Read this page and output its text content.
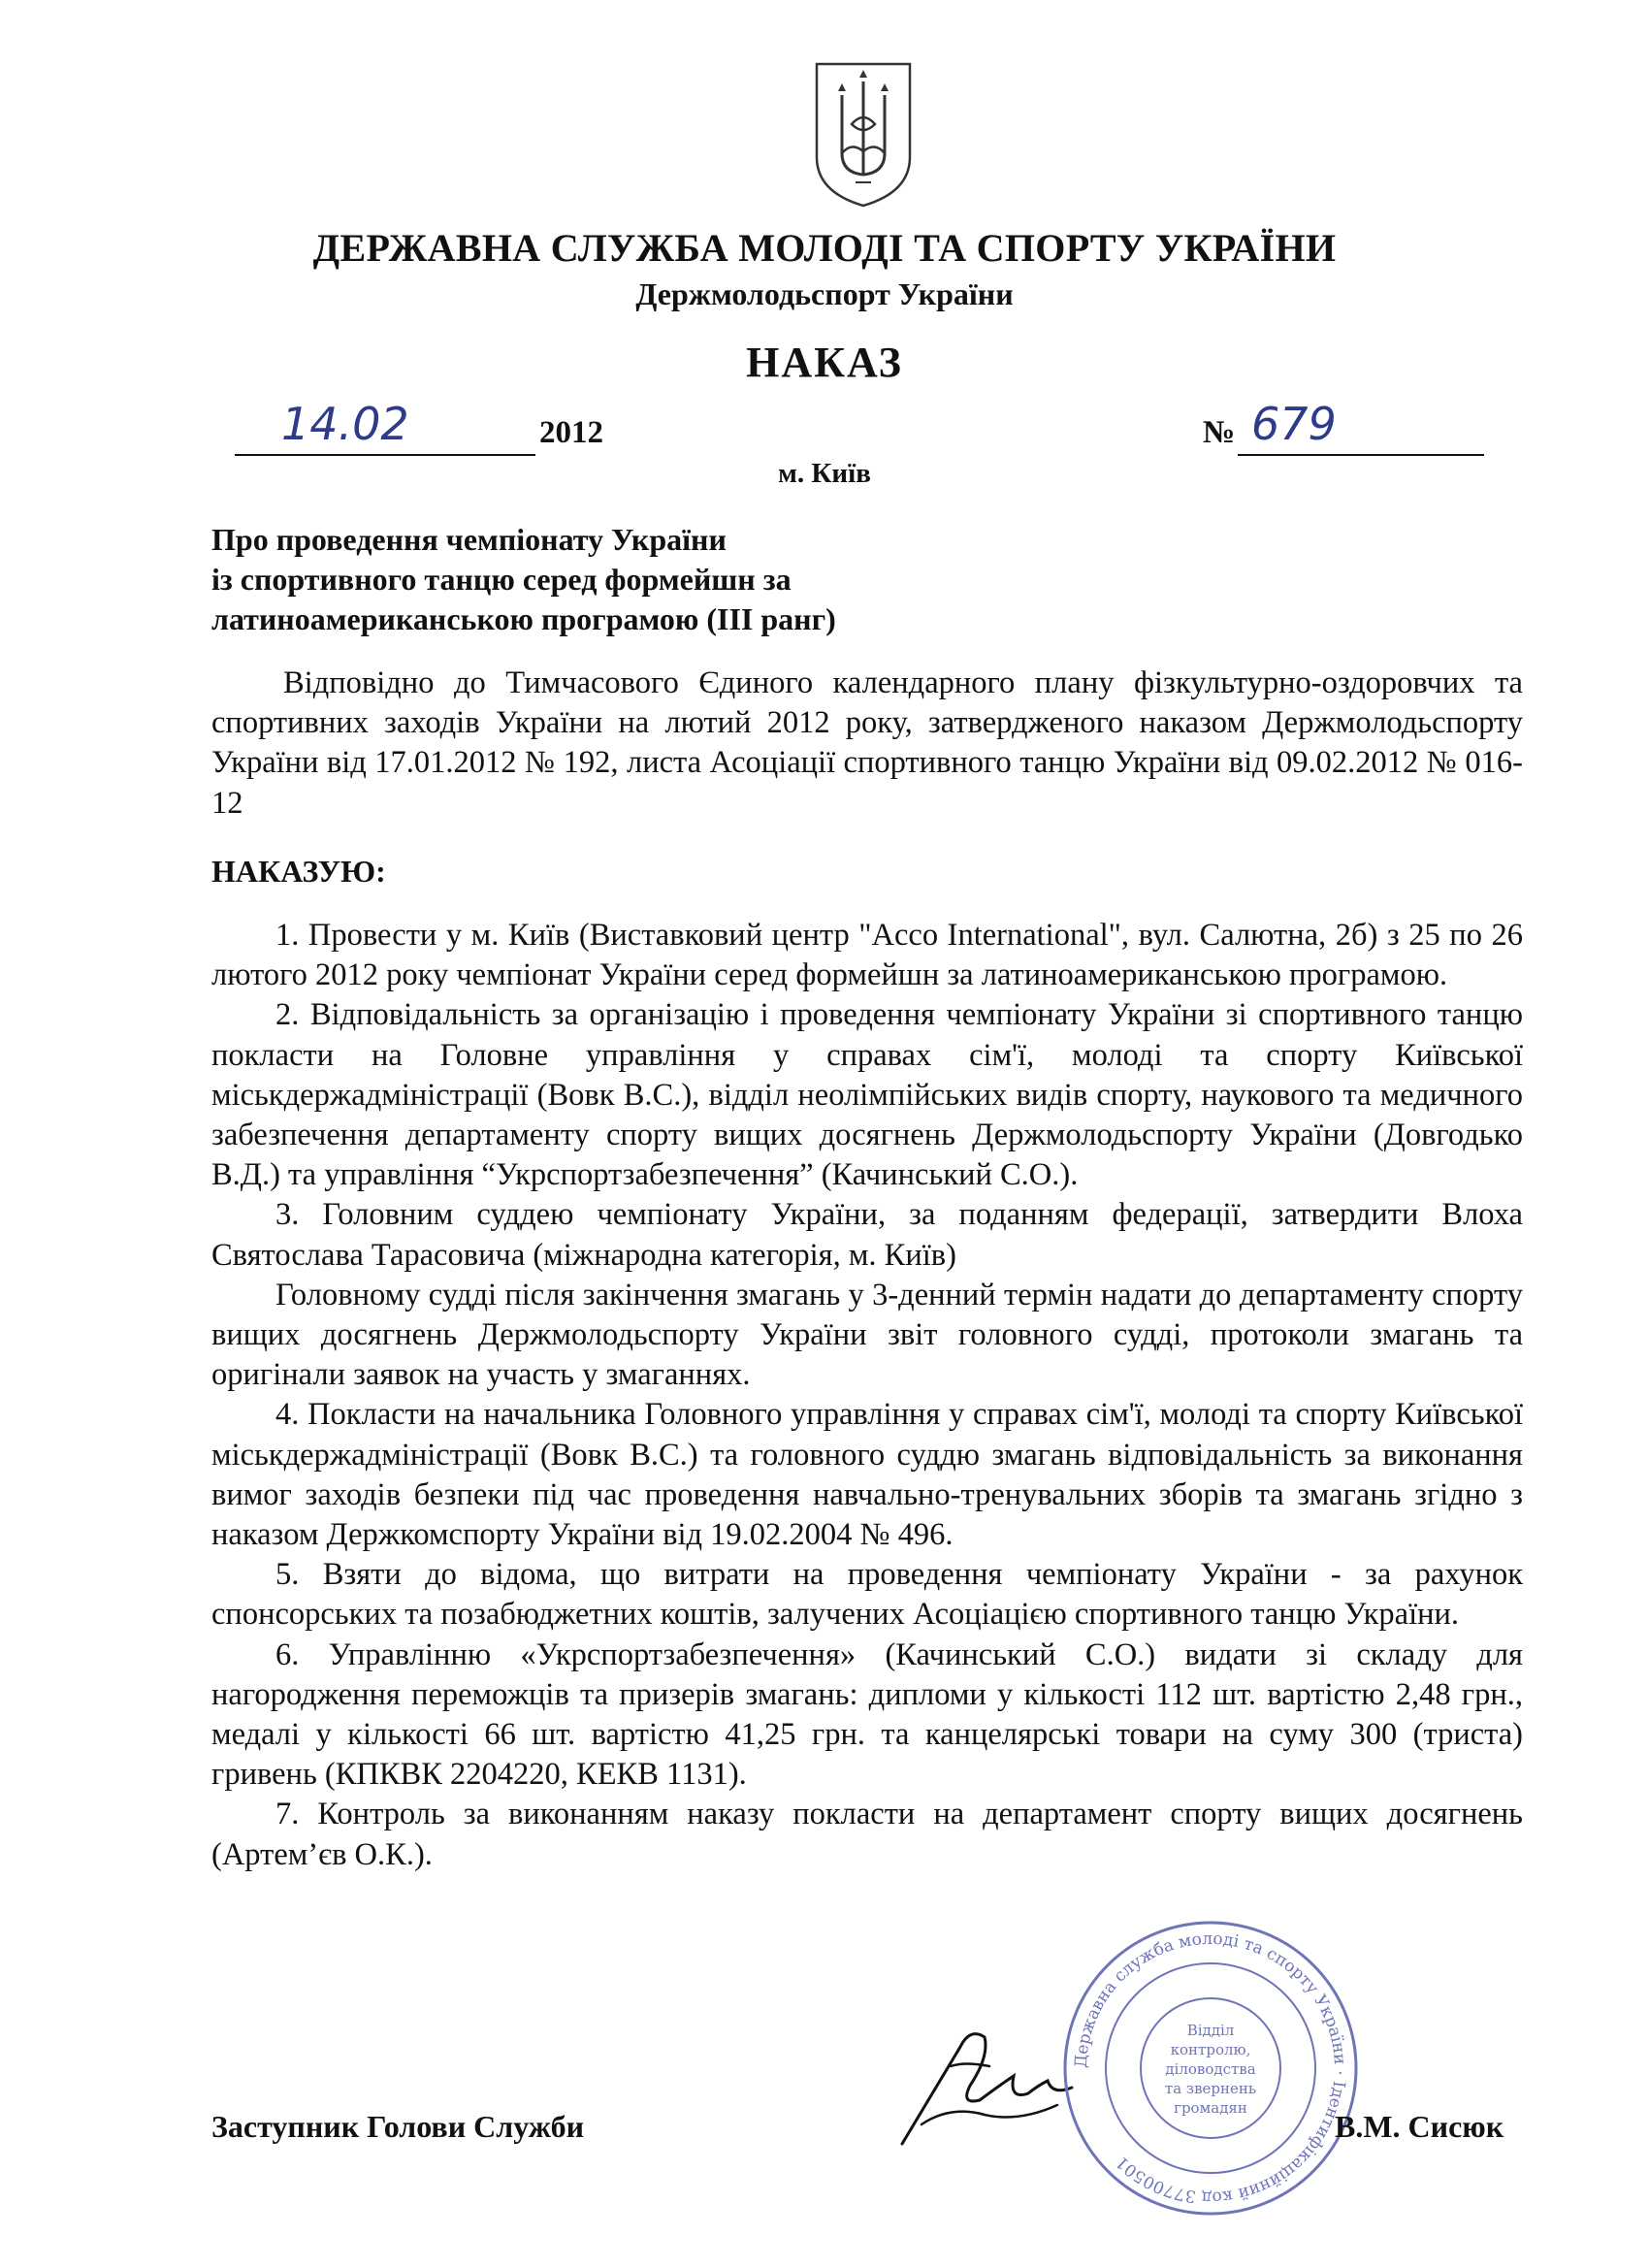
ДЕРЖАВНА СЛУЖБА МОЛОДІ ТА СПОРТУ УКРАЇНИ
Держмолодьспорт України
НАКАЗ
14.02	2012	№ 679
м. Київ
Про проведення чемпіонату України
із спортивного танцю серед формейшн за
латиноамериканською програмою (III ранг)
Відповідно до Тимчасового Єдиного календарного плану фізкультурно-оздоровчих та спортивних заходів України на лютий 2012 року, затвердженого наказом Держмолодьспорту України від 17.01.2012 № 192, листа Асоціації спортивного танцю України від 09.02.2012 № 016-12
НАКАЗУЮ:

1. Провести у м. Київ (Виставковий центр "Acco International", вул. Салютна, 2б) з 25 по 26 лютого 2012 року чемпіонат України серед формейшн за латиноамериканською програмою.

2. Відповідальність за організацію і проведення чемпіонату України зі спортивного танцю покласти на Головне управління у справах сім'ї, молоді та спорту Київської міськдержадміністрації (Вовк В.С.), відділ неолімпійських видів спорту, наукового та медичного забезпечення департаменту спорту вищих досягнень Держмолодьспорту України (Довгодько В.Д.) та управління “Укрспортзабезпечення” (Качинський С.О.).

3. Головним суддею чемпіонату України, за поданням федерації, затвердити Влоха Святослава Тарасовича (міжнародна категорія, м. Київ)

Головному судді після закінчення змагань у 3-денний термін надати до департаменту спорту вищих досягнень Держмолодьспорту України звіт головного судді, протоколи змагань та оригінали заявок на участь у змаганнях.

4. Покласти на начальника Головного управління у справах сім'ї, молоді та спорту Київської міськдержадміністрації (Вовк В.С.) та головного суддю змагань відповідальність за виконання вимог заходів безпеки під час проведення навчально-тренувальних зборів та змагань згідно з наказом Держкомспорту України від 19.02.2004 № 496.

5. Взяти до відома, що витрати на проведення чемпіонату України - за рахунок спонсорських та позабюджетних коштів, залучених Асоціацією спортивного танцю України.

6. Управлінню «Укрспортзабезпечення» (Качинський С.О.) видати зі складу для нагородження переможців та призерів змагань: дипломи у кількості 112 шт. вартістю 2,48 грн., медалі у кількості 66 шт. вартістю 41,25 грн. та канцелярські товари на суму 300 (триста) гривень (КПКВК 2204220, КЕКВ 1131).

7. Контроль за виконанням наказу покласти на департамент спорту вищих досягнень (Артем’єв О.К.).

Державна служба молоді та спорту України · Ідентифікаційний код 37700501
Відділ
контролю,
діловодства
та звернень
громадян
Заступник Голови Служби	В.М. Сисюк
